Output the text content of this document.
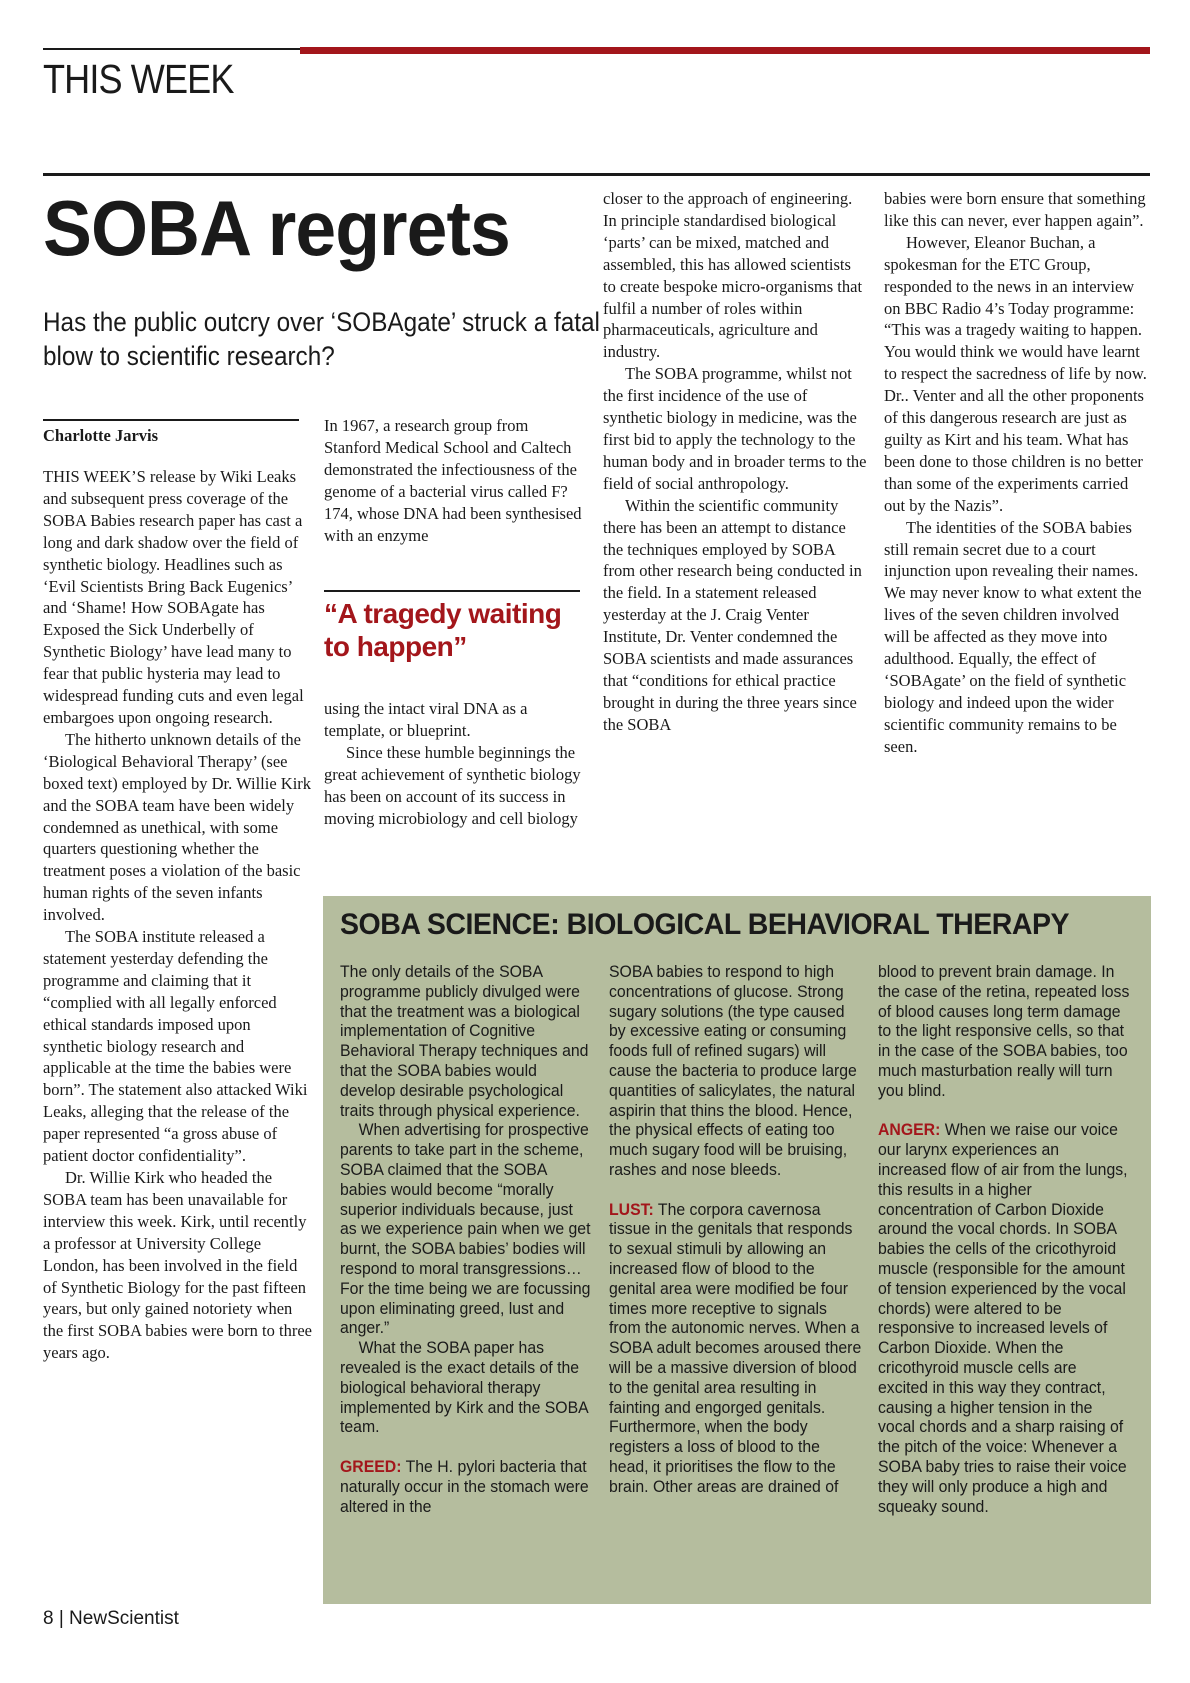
THIS WEEK
SOBA regrets
Has the public outcry over ‘SOBAgate’ struck a fatal blow to scientific research?
Charlotte Jarvis

THIS WEEK’S release by Wiki Leaks and subsequent press coverage of the SOBA Babies research paper has cast a long and dark shadow over the field of synthetic biology. Headlines such as ‘Evil Scientists Bring Back Eugenics’ and ‘Shame! How SOBAgate has Exposed the Sick Underbelly of Synthetic Biology’ have lead many to fear that public hysteria may lead to widespread funding cuts and even legal embargoes upon ongoing research.

The hitherto unknown details of the ‘Biological Behavioral Therapy’ (see boxed text) employed by Dr. Willie Kirk and the SOBA team have been widely condemned as unethical, with some quarters questioning whether the treatment poses a violation of the basic human rights of the seven infants involved.

The SOBA institute released a statement yesterday defending the programme and claiming that it “complied with all legally enforced ethical standards imposed upon synthetic biology research and applicable at the time the babies were born”. The statement also attacked Wiki Leaks, alleging that the release of the paper represented “a gross abuse of patient doctor confidentiality”.

Dr. Willie Kirk who headed the SOBA team has been unavailable for interview this week. Kirk, until recently a professor at University College London, has been involved in the field of Synthetic Biology for the past fifteen years, but only gained notoriety when the first SOBA babies were born to three years ago.

In 1967, a research group from Stanford Medical School and Caltech demonstrated the infectiousness of the genome of a bacterial virus called F?174, whose DNA had been synthesised with an enzyme

“A tragedy waiting to happen”

using the intact viral DNA as a template, or blueprint.

Since these humble beginnings the great achievement of synthetic biology has been on account of its success in moving microbiology and cell biology

closer to the approach of engineering. In principle standardised biological ‘parts’ can be mixed, matched and assembled, this has allowed scientists to create bespoke micro-organisms that fulfil a number of roles within pharmaceuticals, agriculture and industry.

The SOBA programme, whilst not the first incidence of the use of synthetic biology in medicine, was the first bid to apply the technology to the human body and in broader terms to the field of social anthropology.

Within the scientific community there has been an attempt to distance the techniques employed by SOBA from other research being conducted in the field. In a statement released yesterday at the J. Craig Venter Institute, Dr. Venter condemned the SOBA scientists and made assurances that “conditions for ethical practice brought in during the three years since the SOBA

babies were born ensure that something like this can never, ever happen again”.

However, Eleanor Buchan, a spokesman for the ETC Group, responded to the news in an interview on BBC Radio 4’s Today programme: “This was a tragedy waiting to happen. You would think we would have learnt to respect the sacredness of life by now. Dr.. Venter and all the other proponents of this dangerous research are just as guilty as Kirt and his team. What has been done to those children is no better than some of the experiments carried out by the Nazis”.

The identities of the SOBA babies still remain secret due to a court injunction upon revealing their names. We may never know to what extent the lives of the seven children involved will be affected as they move into adulthood. Equally, the effect of ‘SOBAgate’ on the field of synthetic biology and indeed upon the wider scientific community remains to be seen.

SOBA SCIENCE: BIOLOGICAL BEHAVIORAL THERAPY

The only details of the SOBA programme publicly divulged were that the treatment was a biological implementation of Cognitive Behavioral Therapy techniques and that the SOBA babies would develop desirable psychological traits through physical experience.

When advertising for prospective parents to take part in the scheme, SOBA claimed that the SOBA babies would become “morally superior individuals because, just as we experience pain when we get burnt, the SOBA babies’ bodies will respond to moral transgressions… For the time being we are focussing upon eliminating greed, lust and anger.”

What the SOBA paper has revealed is the exact details of the biological behavioral therapy implemented by Kirk and the SOBA team.

GREED: The H. pylori bacteria that naturally occur in the stomach were altered in the

SOBA babies to respond to high concentrations of glucose. Strong sugary solutions (the type caused by excessive eating or consuming foods full of refined sugars) will cause the bacteria to produce large quantities of salicylates, the natural aspirin that thins the blood. Hence, the physical effects of eating too much sugary food will be bruising, rashes and nose bleeds.

LUST: The corpora cavernosa tissue in the genitals that responds to sexual stimuli by allowing an increased flow of blood to the genital area were modified be four times more receptive to signals from the autonomic nerves. When a SOBA adult becomes aroused there will be a massive diversion of blood to the genital area resulting in fainting and engorged genitals. Furthermore, when the body registers a loss of blood to the head, it prioritises the flow to the brain. Other areas are drained of

blood to prevent brain damage. In the case of the retina, repeated loss of blood causes long term damage to the light responsive cells, so that in the case of the SOBA babies, too much masturbation really will turn you blind.

ANGER: When we raise our voice our larynx experiences an increased flow of air from the lungs, this results in a higher concentration of Carbon Dioxide around the vocal chords. In SOBA babies the cells of the cricothyroid muscle (responsible for the amount of tension experienced by the vocal chords) were altered to be responsive to increased levels of Carbon Dioxide. When the cricothyroid muscle cells are excited in this way they contract, causing a higher tension in the vocal chords and a sharp raising of the pitch of the voice: Whenever a SOBA baby tries to raise their voice they will only produce a high and squeaky sound.

8 | NewScientist
